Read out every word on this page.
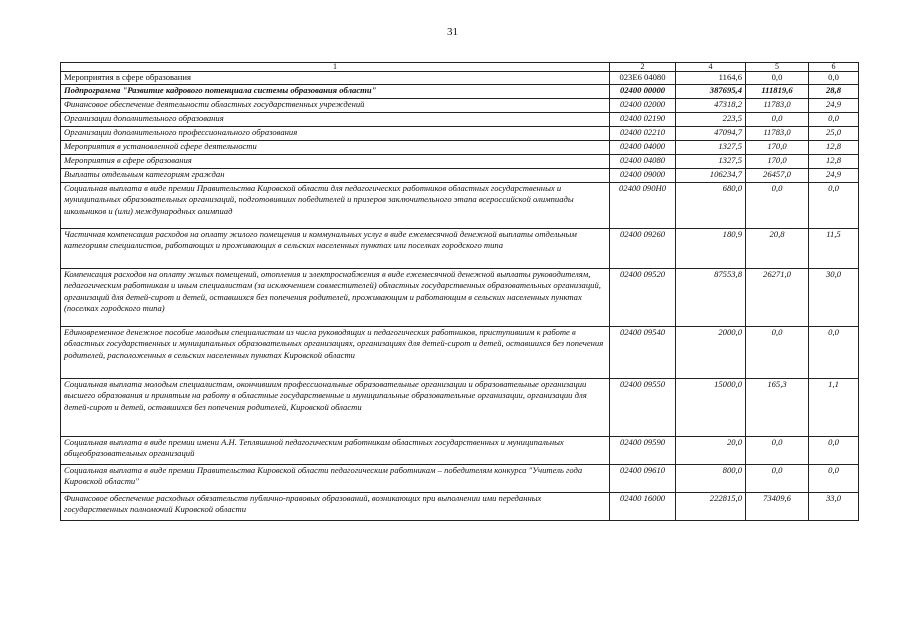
31
1	2	4	5	6
Мероприятия в сфере образования	023Е6 04080	1164,6	0,0	0,0
Подпрограмма "Развитие кадрового потенциала системы образования области"	02400 00000	387695,4	111819,6	28,8
Финансовое обеспечение деятельности областных государственных учреждений	02400 02000	47318,2	11783,0	24,9
Организации дополнительного образования	02400 02190	223,5	0,0	0,0
Организации дополнительного профессионального образования	02400 02210	47094,7	11783,0	25,0
Мероприятия в установленной сфере деятельности	02400 04000	1327,5	170,0	12,8
Мероприятия в сфере образования	02400 04080	1327,5	170,0	12,8
Выплаты отдельным категориям граждан	02400 09000	106234,7	26457,0	24,9
Социальная выплата в виде премии Правительства Кировской области для педагогических работников областных государственных и муниципальных образовательных организаций, подготовивших победителей и призеров заключительного этапа всероссийской олимпиады школьников и (или) международных олимпиад	02400 090Н0	680,0	0,0	0,0
Частичная компенсация расходов на оплату жилого помещения и коммунальных услуг в виде ежемесячной денежной выплаты отдельным категориям специалистов, работающих и проживающих в сельских населенных пунктах или поселках городского типа	02400 09260	180,9	20,8	11,5
Компенсация расходов на оплату жилых помещений, отопления и электроснабжения в виде ежемесячной денежной выплаты руководителям, педагогическим работникам и иным специалистам (за исключением совместителей) областных государственных образовательных организаций, организаций для детей-сирот и детей, оставшихся без попечения родителей, проживающим и работающим в сельских населенных пунктах (поселках городского типа)	02400 09520	87553,8	26271,0	30,0
Единовременное денежное пособие молодым специалистам из числа руководящих и педагогических работников, приступившим к работе в областных государственных и муниципальных образовательных организациях, организациях для детей-сирот и детей, оставшихся без попечения родителей, расположенных в сельских населенных пунктах Кировской области	02400 09540	2000,0	0,0	0,0
Социальная выплата молодым специалистам, окончившим профессиональные образовательные организации и образовательные организации высшего образования и принятым на работу в областные государственные и муниципальные образовательные организации, организации для детей-сирот и детей, оставшихся без попечения родителей, Кировской области	02400 09550	15000,0	165,3	1,1
Социальная выплата в виде премии имени А.Н. Тепляшиной педагогическим работникам областных государственных и муниципальных общеобразовательных организаций	02400 09590	20,0	0,0	0,0
Социальная выплата в виде премии Правительства Кировской области педагогическим работникам – победителям конкурса "Учитель года Кировской области"	02400 09610	800,0	0,0	0,0
Финансовое обеспечение расходных обязательств публично-правовых образований, возникающих при выполнении ими переданных государственных полномочий Кировской области	02400 16000	222815,0	73409,6	33,0
